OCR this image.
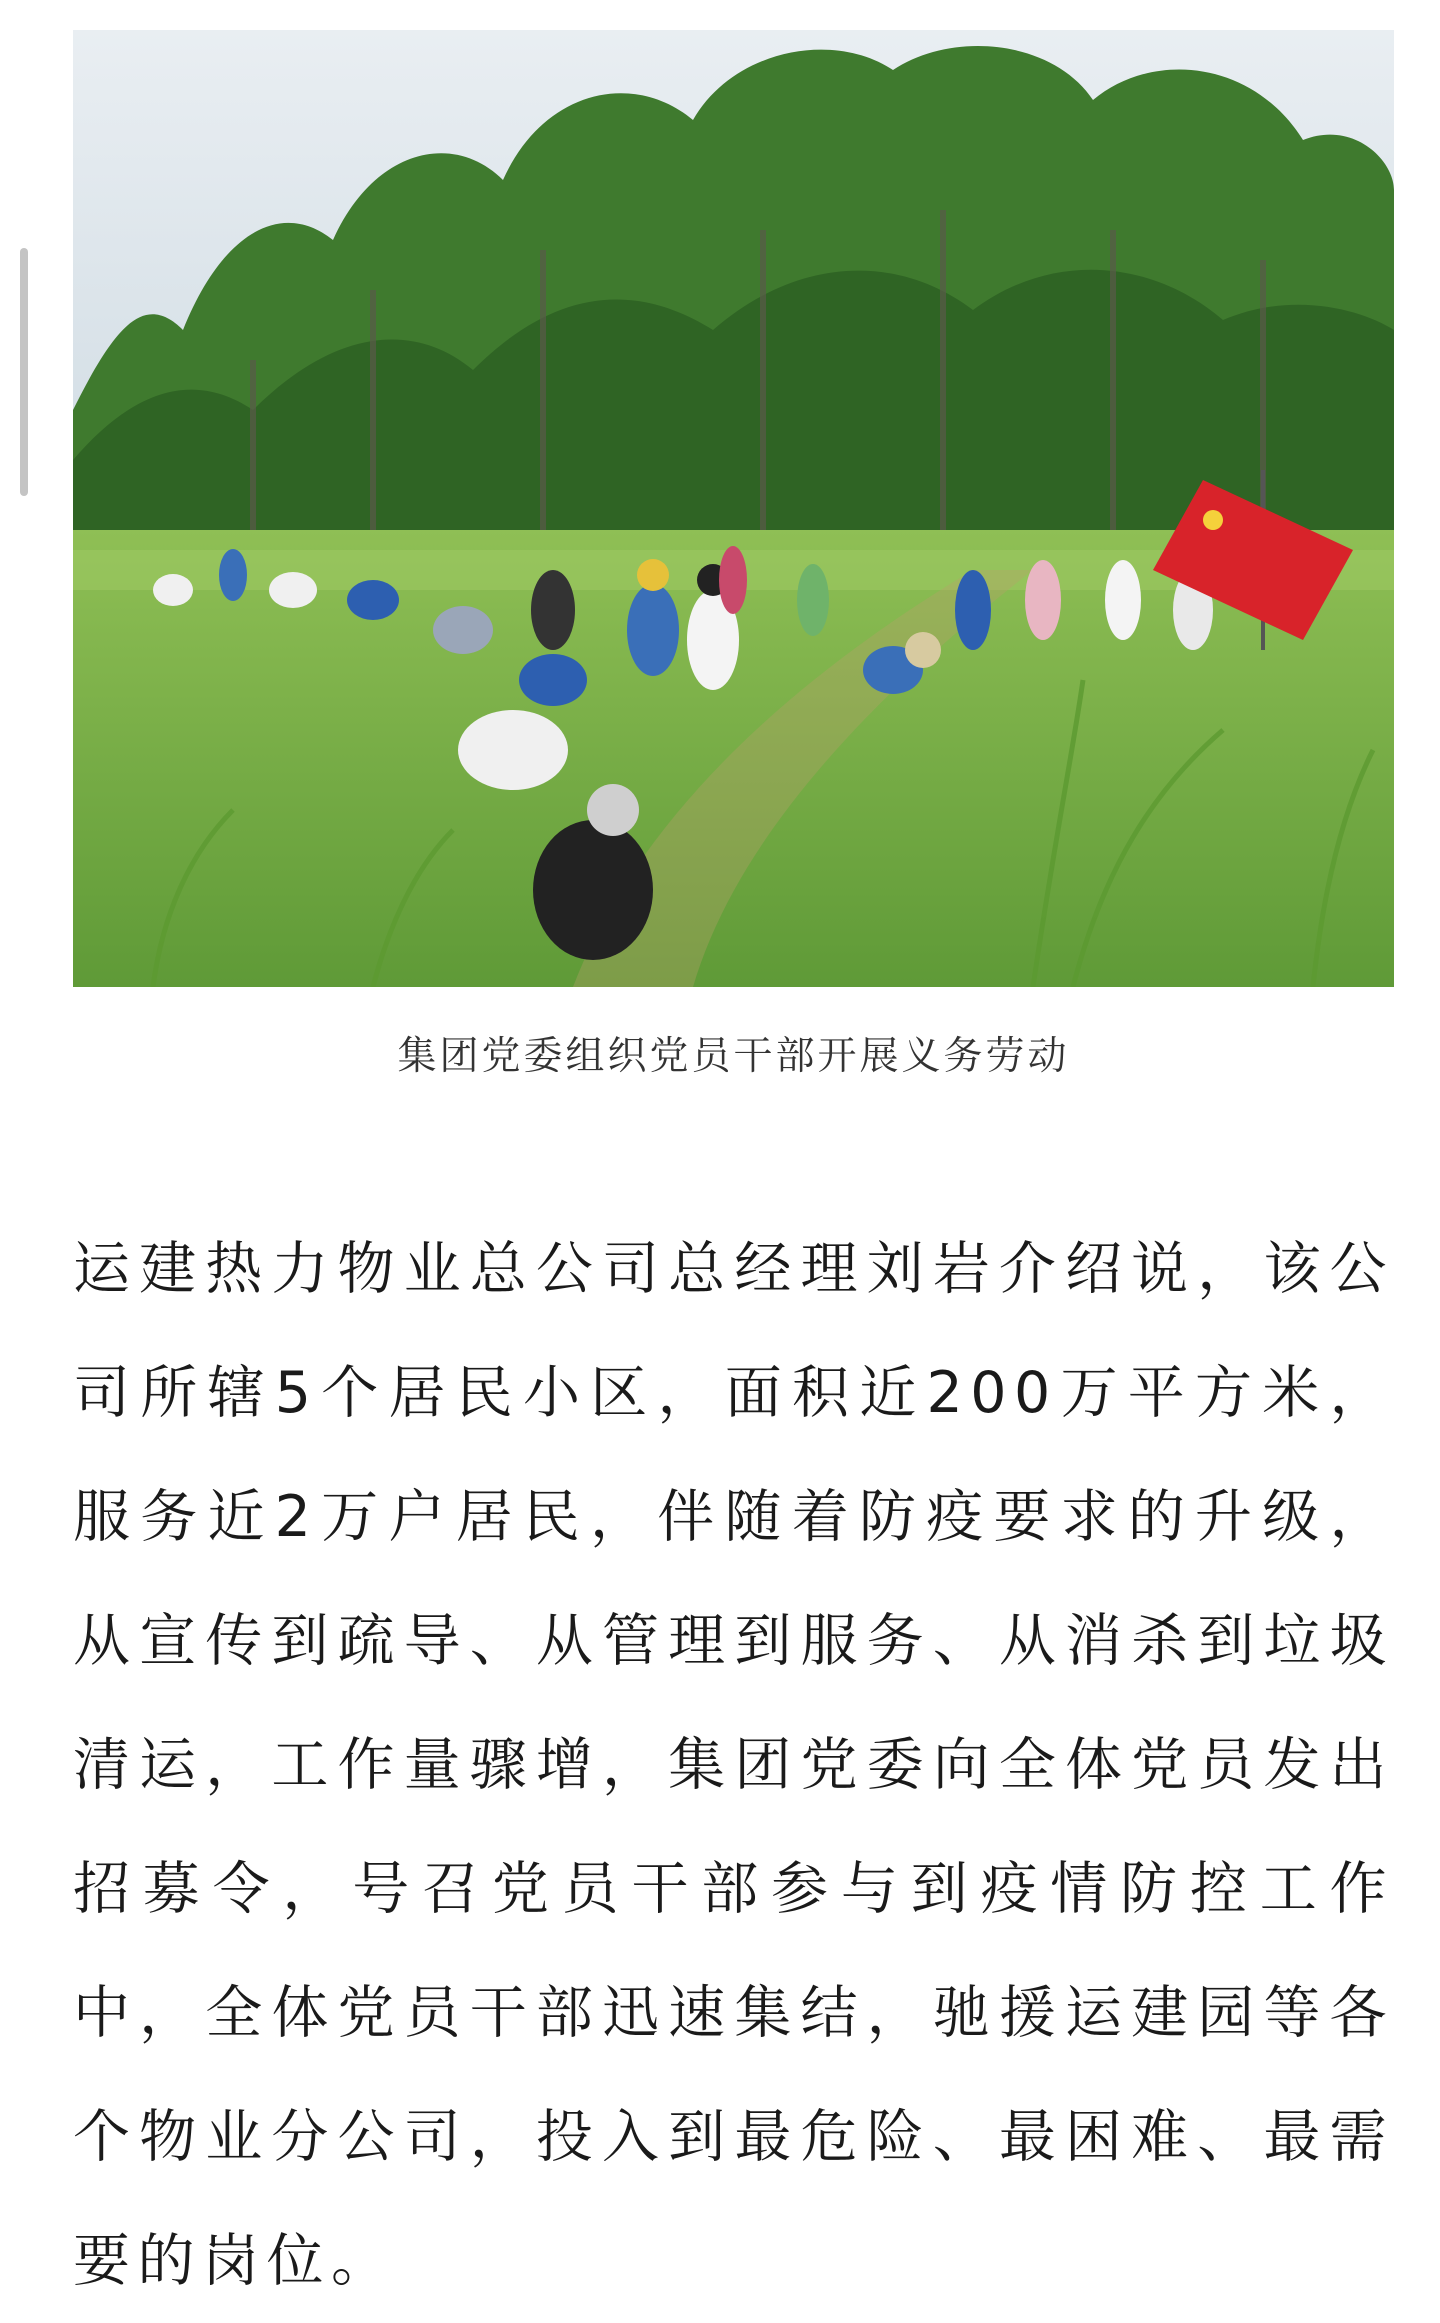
集团党委组织党员干部开展义务劳动

运建热力物业总公司总经理刘岩介绍说，该公司所辖5个居民小区，面积近200万平方米，服务近2万户居民，伴随着防疫要求的升级，从宣传到疏导、从管理到服务、从消杀到垃圾清运，工作量骤增，集团党委向全体党员发出招募令，号召党员干部参与到疫情防控工作中，全体党员干部迅速集结，驰援运建园等各个物业分公司，投入到最危险、最困难、最需要的岗位。
